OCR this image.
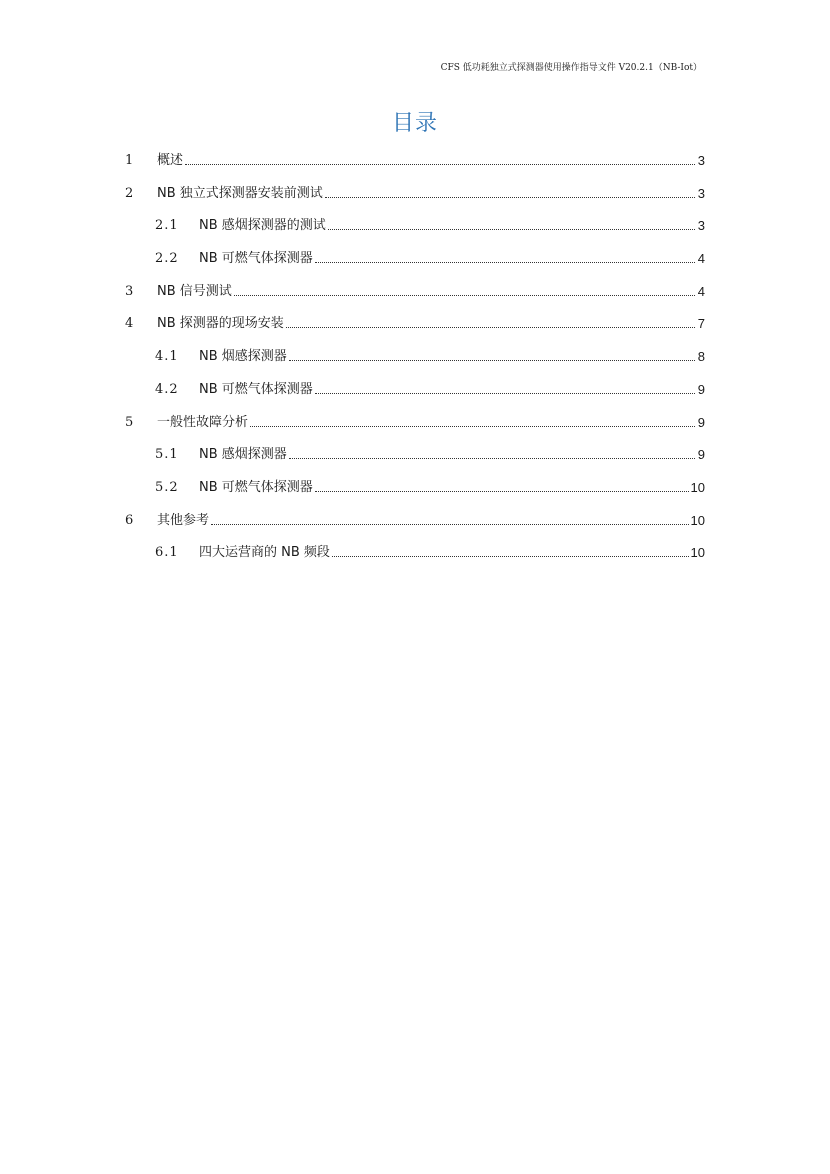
CFS 低功耗独立式探测器使用操作指导文件 V20.2.1（NB-Iot）
目录
1	概述	3
2	NB 独立式探测器安装前测试	3
2.1	NB 感烟探测器的测试	3
2.2	NB 可燃气体探测器	4
3	NB 信号测试	4
4	NB 探测器的现场安装	7
4.1	NB 烟感探测器	8
4.2	NB 可燃气体探测器	9
5	一般性故障分析	9
5.1	NB 感烟探测器	9
5.2	NB 可燃气体探测器	10
6	其他参考	10
6.1	四大运营商的 NB 频段	10
